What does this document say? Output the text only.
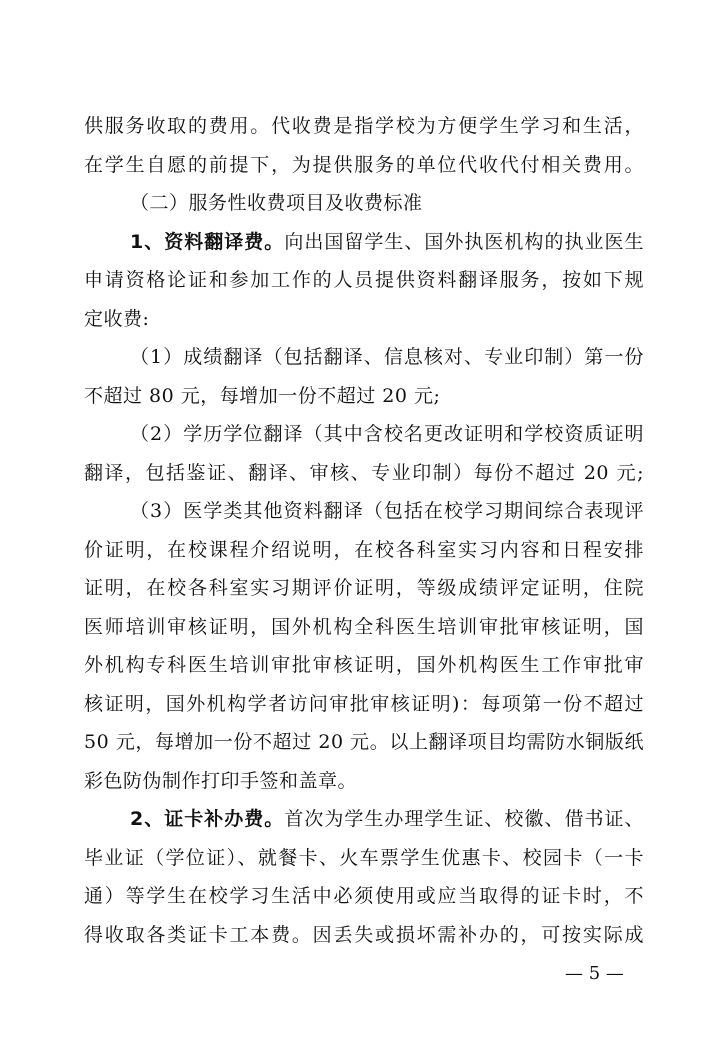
供服务收取的费用。代收费是指学校为方便学生学习和生活，
在学生自愿的前提下，为提供服务的单位代收代付相关费用。
（二）服务性收费项目及收费标准
1、资料翻译费。向出国留学生、国外执医机构的执业医生
申请资格论证和参加工作的人员提供资料翻译服务，按如下规
定收费:
（1）成绩翻译（包括翻译、信息核对、专业印制）第一份
不超过 80 元，每增加一份不超过 20 元;
（2）学历学位翻译（其中含校名更改证明和学校资质证明
翻译，包括鉴证、翻译、审核、专业印制）每份不超过 20 元;
（3）医学类其他资料翻译（包括在校学习期间综合表现评
价证明，在校课程介绍说明，在校各科室实习内容和日程安排
证明，在校各科室实习期评价证明，等级成绩评定证明，住院
医师培训审核证明，国外机构全科医生培训审批审核证明，国
外机构专科医生培训审批审核证明，国外机构医生工作审批审
核证明，国外机构学者访问审批审核证明)：每项第一份不超过
50 元，每增加一份不超过 20 元。以上翻译项目均需防水铜版纸
彩色防伪制作打印手签和盖章。
2、证卡补办费。首次为学生办理学生证、校徽、借书证、
毕业证（学位证）、就餐卡、火车票学生优惠卡、校园卡（一卡
通）等学生在校学习生活中必须使用或应当取得的证卡时，不
得收取各类证卡工本费。因丢失或损坏需补办的，可按实际成
— 5 —
